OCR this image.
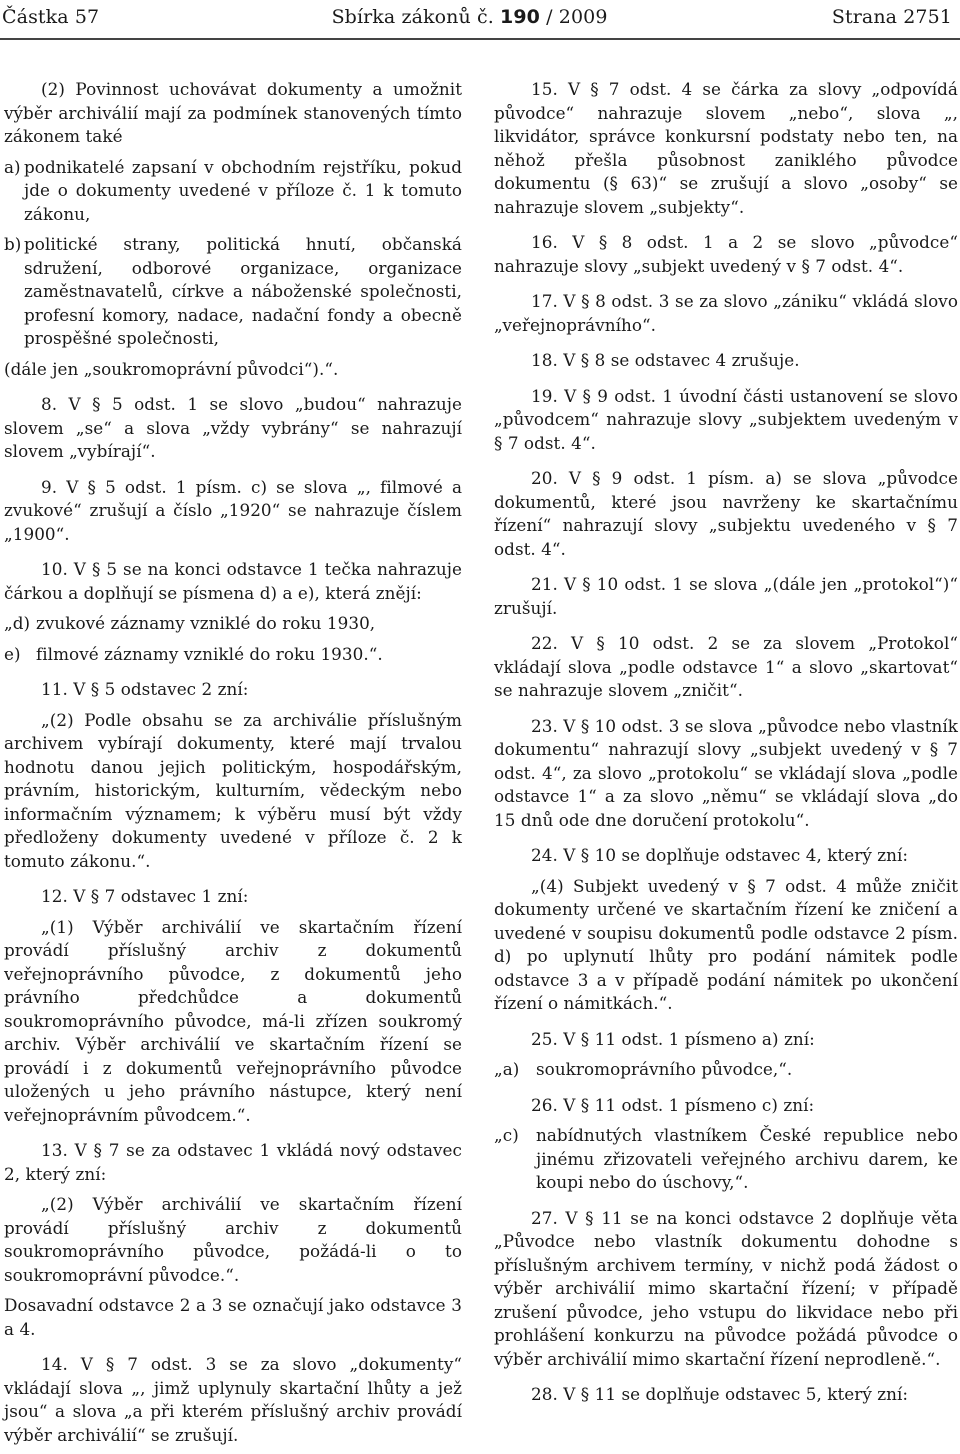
Částka 57	Sbírka zákonů č. 190 / 2009	Strana 2751
(2) Povinnost uchovávat dokumenty a umožnit výběr archiválií mají za podmínek stanovených tímto zákonem také
a) podnikatelé zapsaní v obchodním rejstříku, pokud jde o dokumenty uvedené v příloze č. 1 k tomuto zákonu,
b) politické strany, politická hnutí, občanská sdružení, odborové organizace, organizace zaměstnavatelů, církve a náboženské společnosti, profesní komory, nadace, nadační fondy a obecně prospěšné společnosti,
(dále jen „soukromoprávní původci“).“.
8. V § 5 odst. 1 se slovo „budou“ nahrazuje slovem „se“ a slova „vždy vybrány“ se nahrazují slovem „vybírají“.
9. V § 5 odst. 1 písm. c) se slova „, filmové a zvukové“ zrušují a číslo „1920“ se nahrazuje číslem „1900“.
10. V § 5 se na konci odstavce 1 tečka nahrazuje čárkou a doplňují se písmena d) a e), která znějí:
„d) zvukové záznamy vzniklé do roku 1930,
e) filmové záznamy vzniklé do roku 1930.“.
11. V § 5 odstavec 2 zní:
„(2) Podle obsahu se za archiválie příslušným archivem vybírají dokumenty, které mají trvalou hodnotu danou jejich politickým, hospodářským, právním, historickým, kulturním, vědeckým nebo informačním významem; k výběru musí být vždy předloženy dokumenty uvedené v příloze č. 2 k tomuto zákonu.“.
12. V § 7 odstavec 1 zní:
„(1) Výběr archiválií ve skartačním řízení provádí příslušný archiv z dokumentů veřejnoprávního původce, z dokumentů jeho právního předchůdce a dokumentů soukromoprávního původce, má-li zřízen soukromý archiv. Výběr archiválií ve skartačním řízení se provádí i z dokumentů veřejnoprávního původce uložených u jeho právního nástupce, který není veřejnoprávním původcem.“.
13. V § 7 se za odstavec 1 vkládá nový odstavec 2, který zní:
„(2) Výběr archiválií ve skartačním řízení provádí příslušný archiv z dokumentů soukromoprávního původce, požádá-li o to soukromoprávní původce.“.
Dosavadní odstavce 2 a 3 se označují jako odstavce 3 a 4.
14. V § 7 odst. 3 se za slovo „dokumenty“ vkládají slova „, jimž uplynuly skartační lhůty a jež jsou“ a slova „a při kterém příslušný archiv provádí výběr archiválií“ se zrušují.
15. V § 7 odst. 4 se čárka za slovy „odpovídá původce“ nahrazuje slovem „nebo“, slova „, likvidátor, správce konkursní podstaty nebo ten, na něhož přešla působnost zaniklého původce dokumentu (§ 63)“ se zrušují a slovo „osoby“ se nahrazuje slovem „subjekty“.
16. V § 8 odst. 1 a 2 se slovo „původce“ nahrazuje slovy „subjekt uvedený v § 7 odst. 4“.
17. V § 8 odst. 3 se za slovo „zániku“ vkládá slovo „veřejnoprávního“.
18. V § 8 se odstavec 4 zrušuje.
19. V § 9 odst. 1 úvodní části ustanovení se slovo „původcem“ nahrazuje slovy „subjektem uvedeným v § 7 odst. 4“.
20. V § 9 odst. 1 písm. a) se slova „původce dokumentů, které jsou navrženy ke skartačnímu řízení“ nahrazují slovy „subjektu uvedeného v § 7 odst. 4“.
21. V § 10 odst. 1 se slova „(dále jen „protokol“)“ zrušují.
22. V § 10 odst. 2 se za slovem „Protokol“ vkládají slova „podle odstavce 1“ a slovo „skartovat“ se nahrazuje slovem „zničit“.
23. V § 10 odst. 3 se slova „původce nebo vlastník dokumentu“ nahrazují slovy „subjekt uvedený v § 7 odst. 4“, za slovo „protokolu“ se vkládají slova „podle odstavce 1“ a za slovo „němu“ se vkládají slova „do 15 dnů ode dne doručení protokolu“.
24. V § 10 se doplňuje odstavec 4, který zní:
„(4) Subjekt uvedený v § 7 odst. 4 může zničit dokumenty určené ve skartačním řízení ke zničení a uvedené v soupisu dokumentů podle odstavce 2 písm. d) po uplynutí lhůty pro podání námitek podle odstavce 3 a v případě podání námitek po ukončení řízení o námitkách.“.
25. V § 11 odst. 1 písmeno a) zní:
„a) soukromoprávního původce,“.
26. V § 11 odst. 1 písmeno c) zní:
„c)	nabídnutých vlastníkem České republice nebo jinému zřizovateli veřejného archivu darem, ke koupi nebo do úschovy,“.
27. V § 11 se na konci odstavce 2 doplňuje věta „Původce nebo vlastník dokumentu dohodne s příslušným archivem termíny, v nichž podá žádost o výběr archiválií mimo skartační řízení; v případě zrušení původce, jeho vstupu do likvidace nebo při prohlášení konkurzu na původce požádá původce o výběr archiválií mimo skartační řízení neprodleně.“.
28. V § 11 se doplňuje odstavec 5, který zní:
